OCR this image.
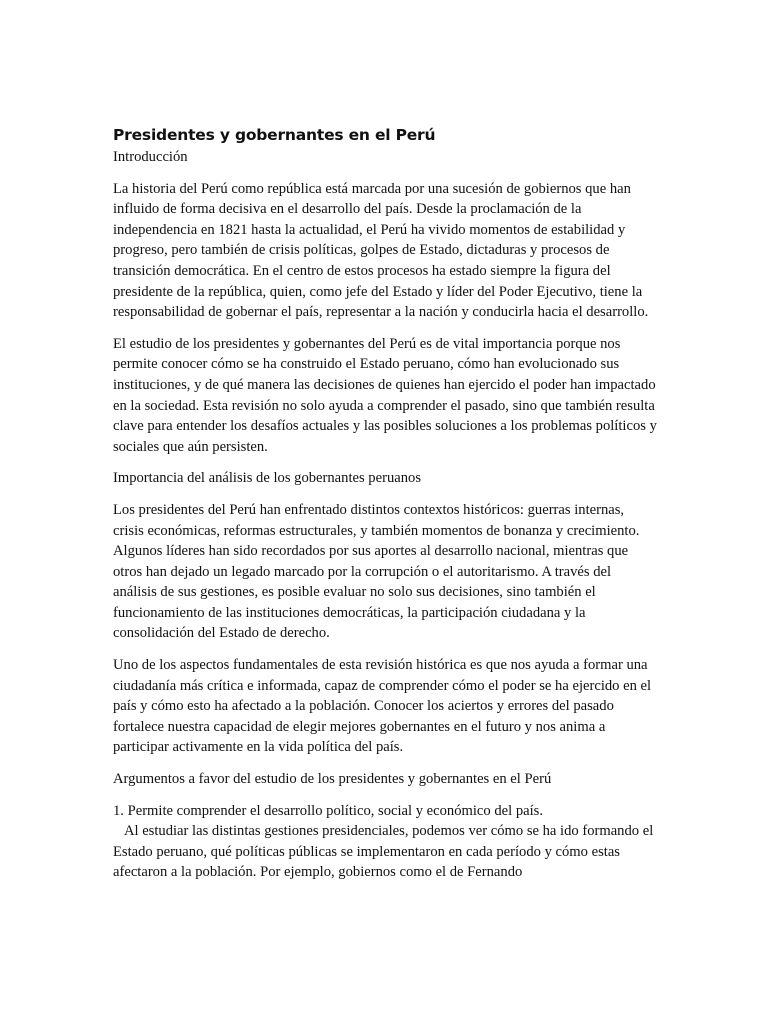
Presidentes y gobernantes en el Perú
Introducción

La historia del Perú como república está marcada por una sucesión de gobiernos que han influido de forma decisiva en el desarrollo del país. Desde la proclamación de la independencia en 1821 hasta la actualidad, el Perú ha vivido momentos de estabilidad y progreso, pero también de crisis políticas, golpes de Estado, dictaduras y procesos de transición democrática. En el centro de estos procesos ha estado siempre la figura del presidente de la república, quien, como jefe del Estado y líder del Poder Ejecutivo, tiene la responsabilidad de gobernar el país, representar a la nación y conducirla hacia el desarrollo.

El estudio de los presidentes y gobernantes del Perú es de vital importancia porque nos permite conocer cómo se ha construido el Estado peruano, cómo han evolucionado sus instituciones, y de qué manera las decisiones de quienes han ejercido el poder han impactado en la sociedad. Esta revisión no solo ayuda a comprender el pasado, sino que también resulta clave para entender los desafíos actuales y las posibles soluciones a los problemas políticos y sociales que aún persisten.

Importancia del análisis de los gobernantes peruanos

Los presidentes del Perú han enfrentado distintos contextos históricos: guerras internas, crisis económicas, reformas estructurales, y también momentos de bonanza y crecimiento. Algunos líderes han sido recordados por sus aportes al desarrollo nacional, mientras que otros han dejado un legado marcado por la corrupción o el autoritarismo. A través del análisis de sus gestiones, es posible evaluar no solo sus decisiones, sino también el funcionamiento de las instituciones democráticas, la participación ciudadana y la consolidación del Estado de derecho.

Uno de los aspectos fundamentales de esta revisión histórica es que nos ayuda a formar una ciudadanía más crítica e informada, capaz de comprender cómo el poder se ha ejercido en el país y cómo esto ha afectado a la población. Conocer los aciertos y errores del pasado fortalece nuestra capacidad de elegir mejores gobernantes en el futuro y nos anima a participar activamente en la vida política del país.

Argumentos a favor del estudio de los presidentes y gobernantes en el Perú

1. Permite comprender el desarrollo político, social y económico del país.
Al estudiar las distintas gestiones presidenciales, podemos ver cómo se ha ido formando el Estado peruano, qué políticas públicas se implementaron en cada período y cómo estas afectaron a la población. Por ejemplo, gobiernos como el de Fernando
